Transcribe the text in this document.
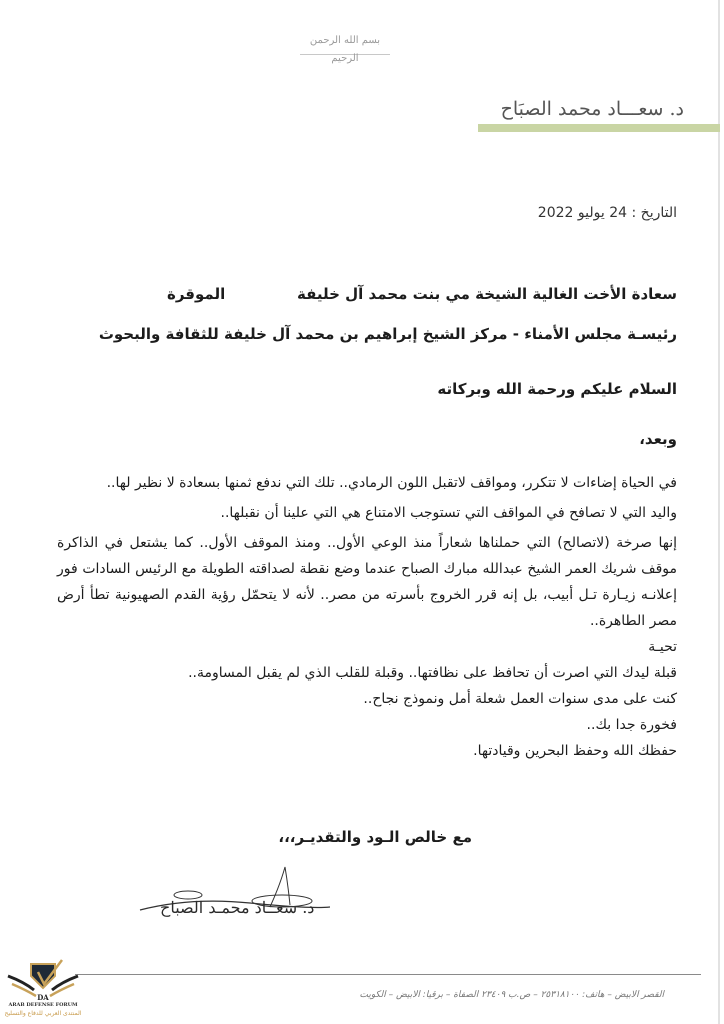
بسم الله الرحمن الرحيم
د. سعـــاد محمد الصبَاح
التاريخ : 24 يوليو 2022
سعادة الأخت الغالية الشيخة مي بنت محمد آل خليفة
الموقرة
رئيسـة مجلس الأمناء - مركز الشيخ إبراهيم بن محمد آل خليفة للثقافة والبحوث
السلام عليكم ورحمة الله وبركاته
وبعد،

في الحياة إضاءات لا تتكرر، ومواقف لاتقبل اللون الرمادي.. تلك التي ندفع ثمنها بسعادة لا نظير لها..

واليد التي لا تصافح في المواقف التي تستوجب الامتناع هي التي علينا أن نقبلها..

إنها صرخة (لاتصالح) التي حملناها شعاراً منذ الوعي الأول.. ومنذ الموقف الأول.. كما يشتعل في الذاكرة موقف شريك العمر الشيخ عبدالله مبارك الصباح عندما وضع نقطة لصداقته الطويلة مع الرئيس السادات فور إعلانـه زيـارة تـل أبيب، بل إنه قرر الخروج بأسرته من مصر.. لأنه لا يتحمّل رؤية القدم الصهيونية تطأ أرض مصر الطاهرة..

تحيـة

قبلة ليدك التي اصرت أن تحافظ على نظافتها.. وقبلة للقلب الذي لم يقبل المساومة..

كنت على مدى سنوات العمل شعلة أمل ونموذج نجاح..

فخورة جدا بك..

حفظك الله وحفظ البحرين وقيادتها.

مع خالص الـود والتقديـر،،،
د. سعــاد محمـد الصباح
القصر الابيض – هاتف: ٢٥٣١٨١٠٠ – ص.ب ٢٣٤٠٩ الصفاة – برقيا: الابيض – الكويت
DA
ARAB DEFENSE FORUM
المنتدى العربي للدفاع والتسليح
